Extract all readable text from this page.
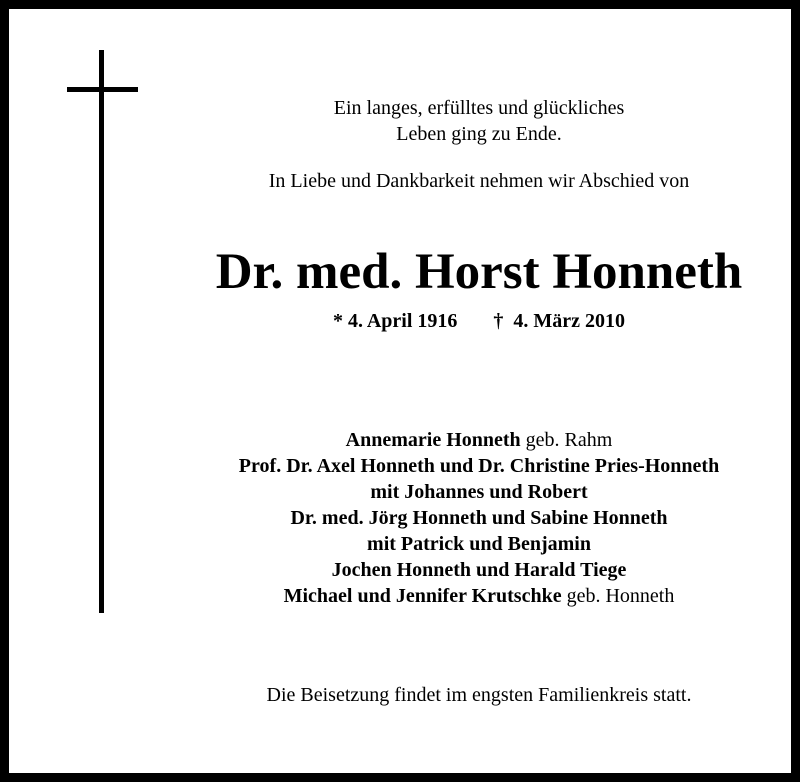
Ein langes, erfülltes und glückliches
Leben ging zu Ende.
In Liebe und Dankbarkeit nehmen wir Abschied von
Dr. med. Horst Honneth
* 4. April 1916 † 4. März 2010
Annemarie Honneth geb. Rahm
Prof. Dr. Axel Honneth und Dr. Christine Pries-Honneth
mit Johannes und Robert
Dr. med. Jörg Honneth und Sabine Honneth
mit Patrick und Benjamin
Jochen Honneth und Harald Tiege
Michael und Jennifer Krutschke geb. Honneth
Die Beisetzung findet im engsten Familienkreis statt.
